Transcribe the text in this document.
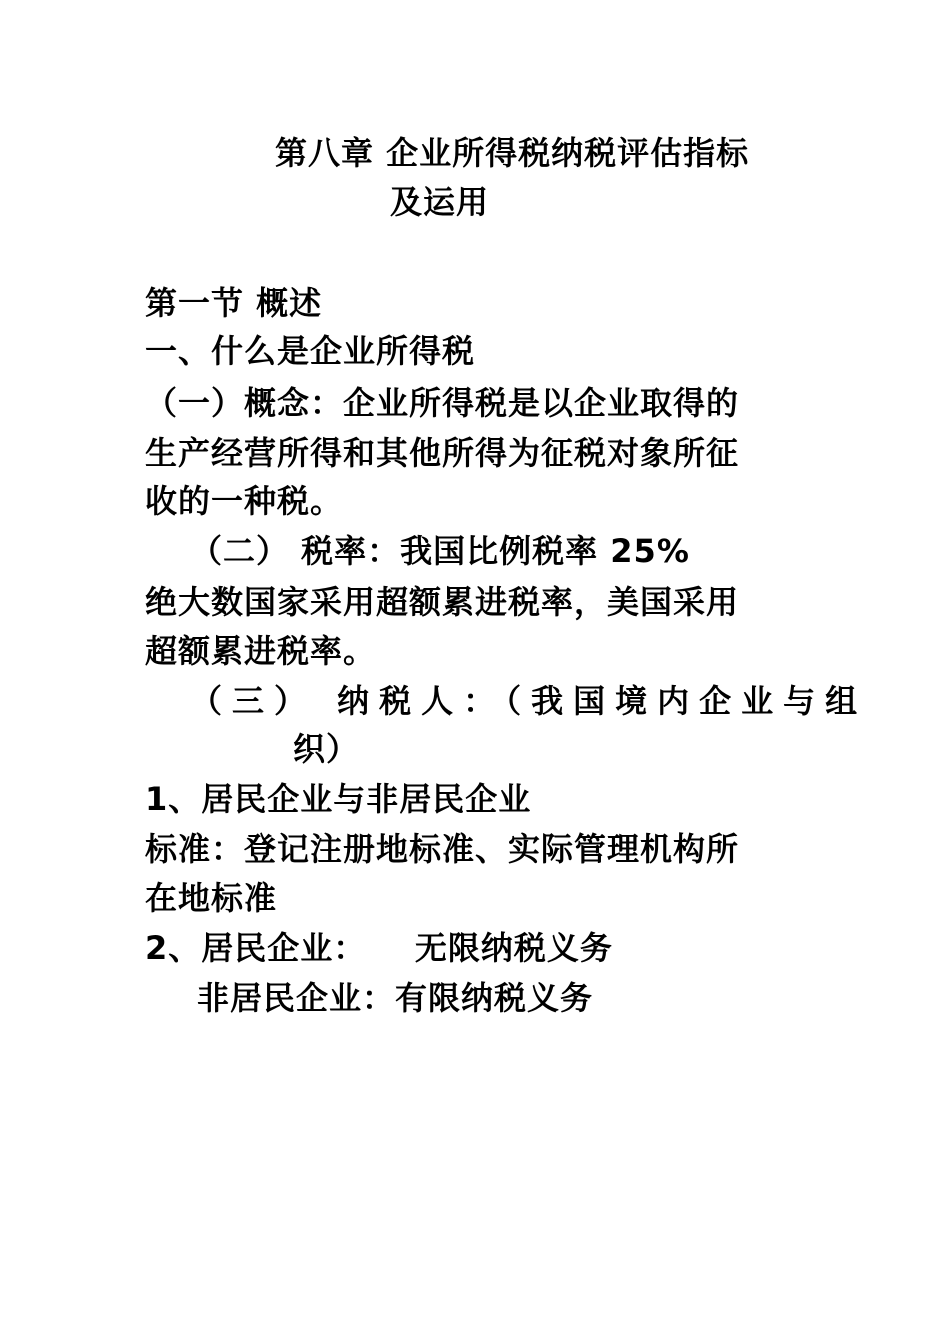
第八章 企业所得税纳税评估指标
及运用
第一节 概述
一、什么是企业所得税
（一）概念：企业所得税是以企业取得的
生产经营所得和其他所得为征税对象所征
收的一种税。
（二） 税率：我国比例税率 25%
绝大数国家采用超额累进税率，美国采用
超额累进税率。
（三） 纳税人：（我国境内企业与组
织）
1、居民企业与非居民企业
标准：登记注册地标准、实际管理机构所
在地标准
2、居民企业：    无限纳税义务
非居民企业：有限纳税义务
